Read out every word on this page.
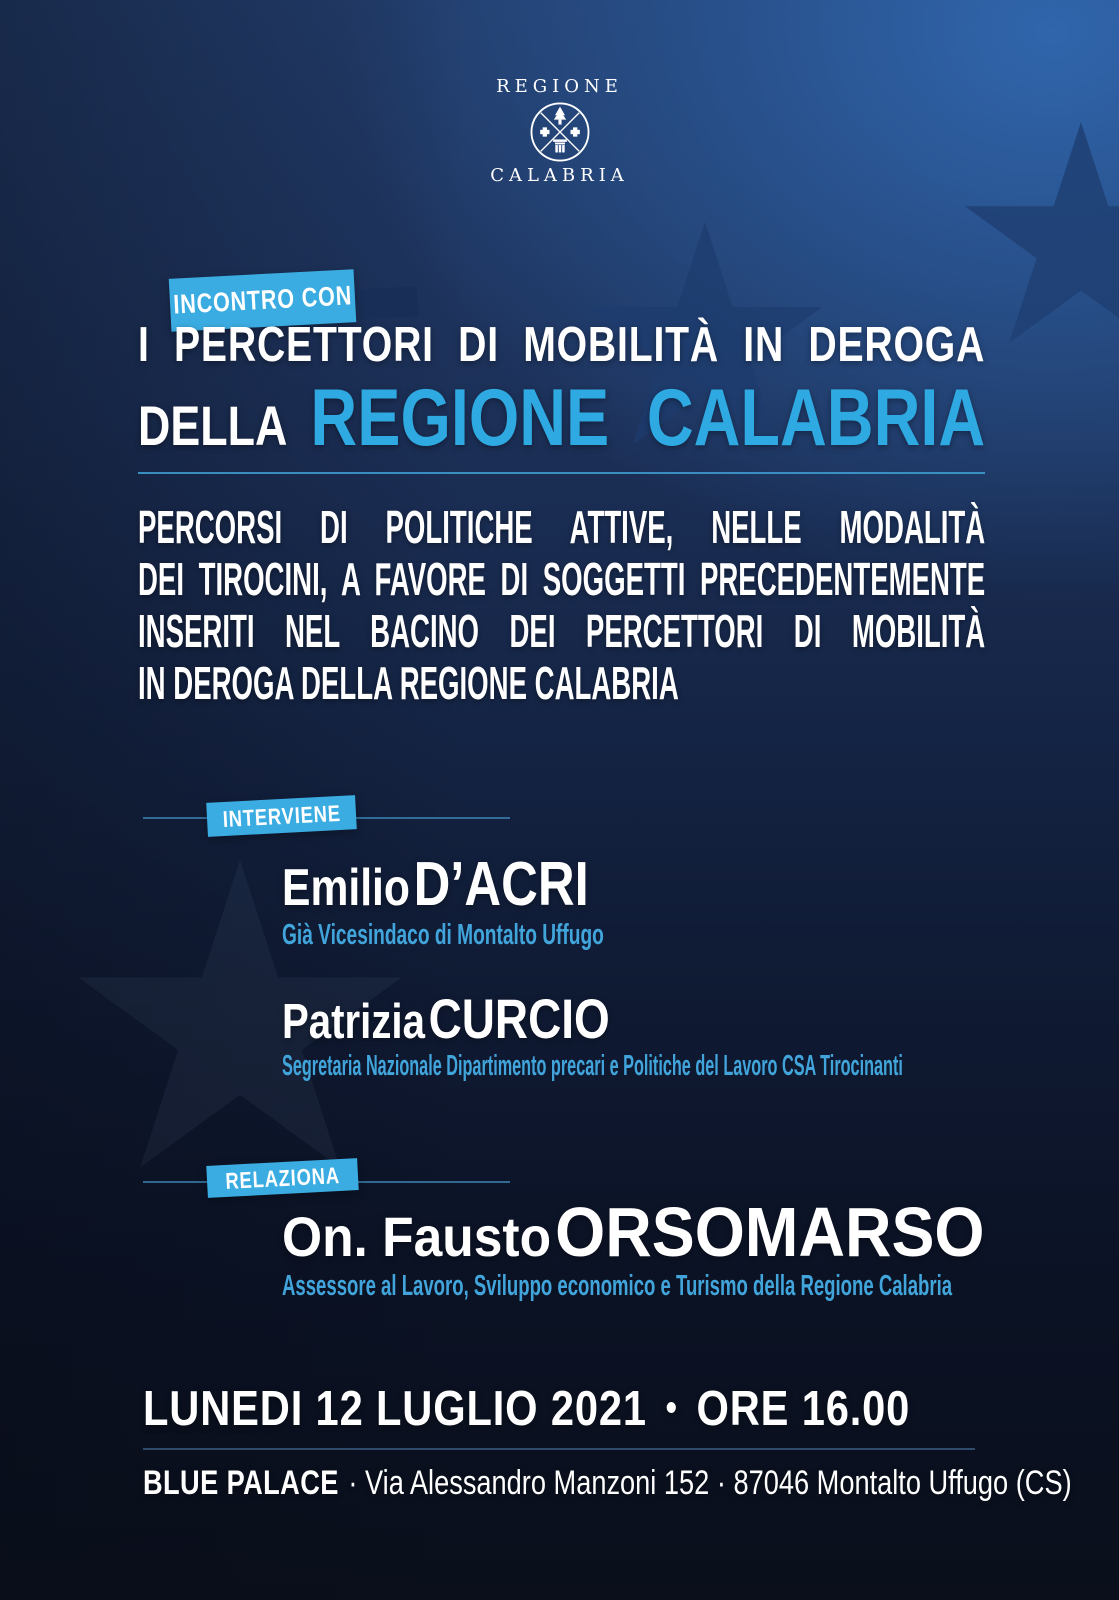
REGIONE
CALABRIA
INCONTRO CON
I PERCETTORI DI MOBILITÀ IN DEROGA
DELLA REGIONE CALABRIA
PERCORSI DI POLITICHE ATTIVE, NELLE MODALITÀ
DEI TIROCINI, A FAVORE DI SOGGETTI PRECEDENTEMENTE
INSERITI NEL BACINO DEI PERCETTORI DI MOBILITÀ
IN DEROGA DELLA REGIONE CALABRIA
INTERVIENE
Emilio D’ACRI
Già Vicesindaco di Montalto Uffugo
Patrizia CURCIO
Segretaria Nazionale Dipartimento precari e Politiche del Lavoro CSA Tirocinanti
RELAZIONA
On. Fausto ORSOMARSO
Assessore al Lavoro, Sviluppo economico e Turismo della Regione Calabria
LUNEDI 12 LUGLIO 2021 • ORE 16.00
BLUE PALACE · Via Alessandro Manzoni 152 · 87046 Montalto Uffugo (CS)
